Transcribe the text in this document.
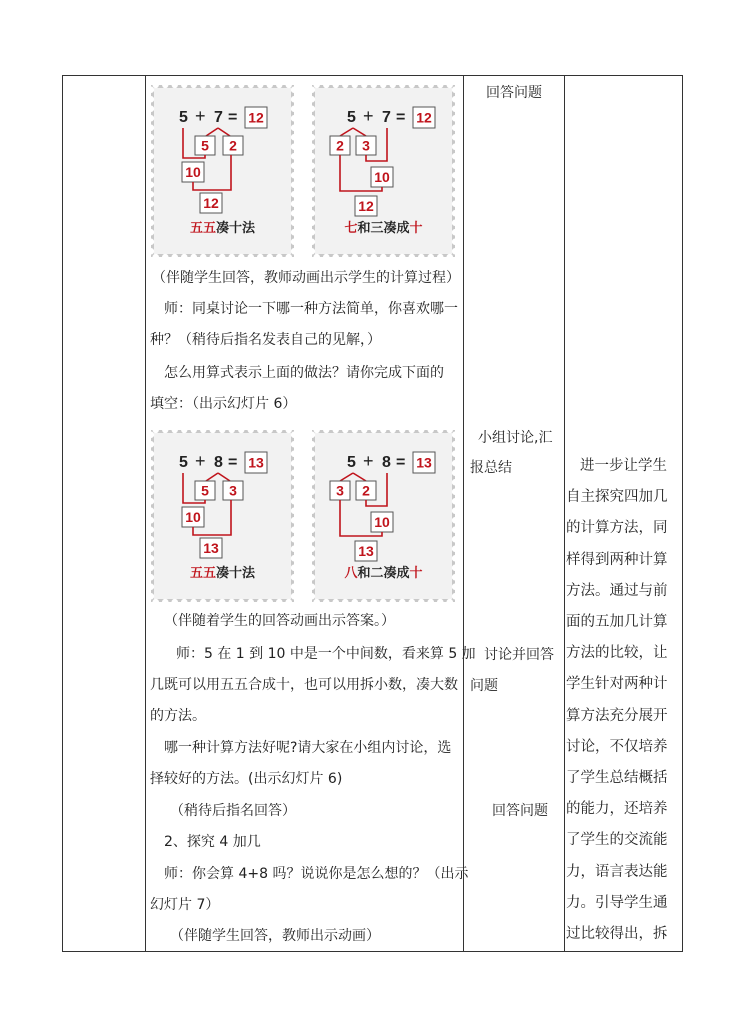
5 + 7 = 12
5 2
10
12
五五凑十法
5 + 7 = 12
2 3
10
12
七和三凑成十
5 + 8 = 13
5 3
10
13
五五凑十法
5 + 8 = 13
3 2
10
13
八和二凑成十
（伴随学生回答，教师动画出示学生的计算过程）
师：同桌讨论一下哪一种方法简单，你喜欢哪一
种？（稍待后指名发表自己的见解，）
怎么用算式表示上面的做法？请你完成下面的
填空：（出示幻灯片 6）
（伴随着学生的回答动画出示答案。）
师：5 在 1 到 10 中是一个中间数，看来算 5 加
几既可以用五五合成十，也可以用拆小数，凑大数
的方法。
哪一种计算方法好呢?请大家在小组内讨论，选
择较好的方法。(出示幻灯片 6)
（稍待后指名回答）
2、探究 4 加几
师：你会算 4+8 吗？说说你是怎么想的？（出示
幻灯片 7）
（伴随学生回答，教师出示动画）
回答问题
小组讨论,汇
报总结
讨论并回答
问题
回答问题
进一步让学生
自主探究四加几
的计算方法，同
样得到两种计算
方法。通过与前
面的五加几计算
方法的比较，让
学生针对两种计
算方法充分展开
讨论，不仅培养
了学生总结概括
的能力，还培养
了学生的交流能
力，语言表达能
力。引导学生通
过比较得出，拆
